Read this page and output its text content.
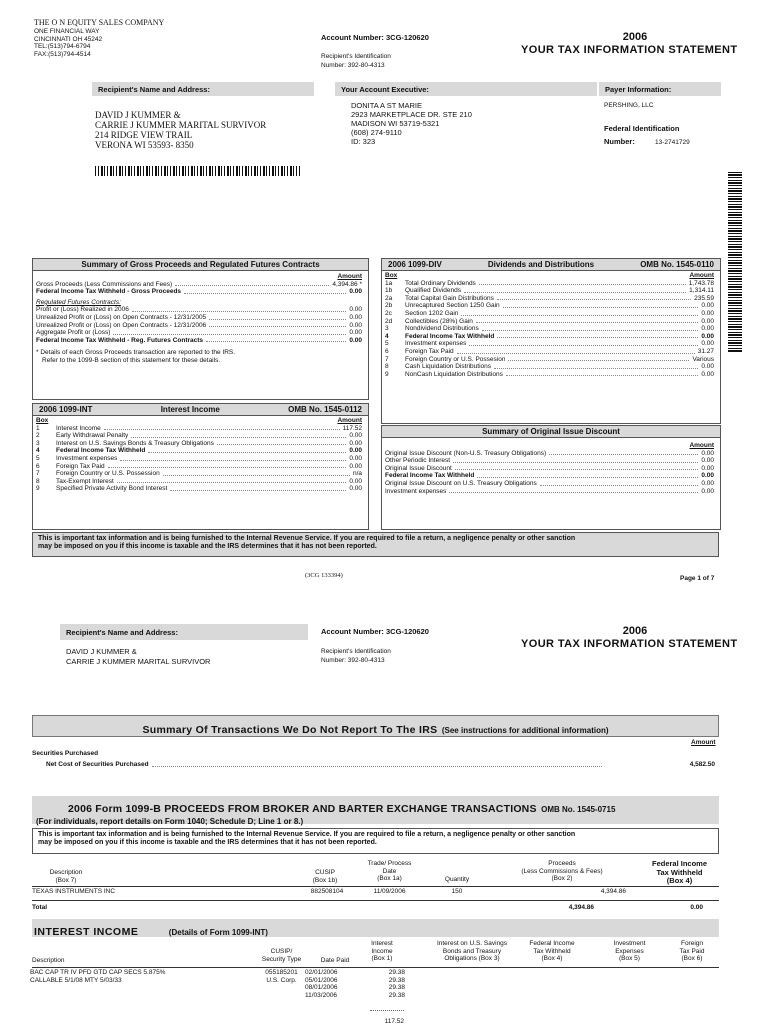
THE O N EQUITY SALES COMPANY
ONE FINANCIAL WAY
CINCINNATI OH 45242
TEL:(513)794-6794
FAX:(513)794-4514
Account Number: 3CG-120620
Recipient's Identification
Number: 392-80-4313
2006
YOUR TAX INFORMATION STATEMENT
Recipient's Name and Address:	Your Account Executive:	Payer Information:
DAVID J KUMMER &
CARRIE J KUMMER MARITAL SURVIVOR
214 RIDGE VIEW TRAIL
VERONA WI 53593- 8350
DONITA A ST MARIE
2923 MARKETPLACE DR. STE 210
MADISON WI 53719-5321
(608) 274-9110
ID: 323
PERSHING, LLC
Federal Identification
Number:	13-2741729
Summary of Gross Proceeds and Regulated Futures Contracts
Amount
Gross Proceeds (Less Commissions and Fees)	4,394.86 *
Federal Income Tax Withheld - Gross Proceeds	0.00
Regulated Futures Contracts:
Profit or (Loss) Realized in 2006	0.00
Unrealized Profit or (Loss) on Open Contracts - 12/31/2005	0.00
Unrealized Profit or (Loss) on Open Contracts - 12/31/2006	0.00
Aggregate Profit or (Loss)	0.00
Federal Income Tax Withheld - Reg. Futures Contracts	0.00
* Details of each Gross Proceeds transaction are reported to the IRS.
Refer to the 1099-B section of this statement for these details.
2006 1099-INT	Interest Income	OMB No. 1545-0112
Box	Amount
1	Interest Income	117.52
2	Early Withdrawal Penalty	0.00
3	Interest on U.S. Savings Bonds & Treasury Obligations	0.00
4	Federal Income Tax Withheld	0.00
5	Investment expenses	0.00
6	Foreign Tax Paid	0.00
7	Foreign Country or U.S. Possession	n/a
8	Tax-Exempt Interest	0.00
9	Specified Private Activity Bond Interest	0.00
2006 1099-DIV	Dividends and Distributions	OMB No. 1545-0110
Box	Amount
1a	Total Ordinary Dividends	1,743.78
1b	Qualified Dividends	1,314.11
2a	Total Capital Gain Distributions	235.59
2b	Unrecaptured Section 1250 Gain	0.00
2c	Section 1202 Gain	0.00
2d	Collectibles (28%) Gain	0.00
3	Nondividend Distributions	0.00
4	Federal Income Tax Withheld	0.00
5	Investment expenses	0.00
6	Foreign Tax Paid	31.27
7	Foreign Country or U.S. Possesion	Various
8	Cash Liquidation Distributions	0.00
9	NonCash Liquidation Distributions	0.00
Summary of Original Issue Discount
Amount
Original Issue Discount (Non-U.S. Treasury Obligations)	0.00
Other Periodic Interest	0.00
Original Issue Discount	0.00
Federal Income Tax Withheld	0.00
Original Issue Discount on U.S. Treasury Obligations	0.00
Investment expenses	0.00
This is important tax information and is being furnished to the Internal Revenue Service. If you are required to file a return, a negligence penalty or other sanction
may be imposed on you if this income is taxable and the IRS determines that it has not been reported.
(3CG 133394)	Page 1 of 7
Recipient's Name and Address:
DAVID J KUMMER &
CARRIE J KUMMER MARITAL SURVIVOR
Account Number: 3CG-120620
Recipient's Identification
Number: 392-80-4313
2006
YOUR TAX INFORMATION STATEMENT
Summary Of Transactions We Do Not Report To The IRS (See instructions for additional information)
Amount
Securities Purchased
Net Cost of Securities Purchased	4,582.50
2006 Form 1099-B PROCEEDS FROM BROKER AND BARTER EXCHANGE TRANSACTIONS OMB No. 1545-0715
(For individuals, report details on Form 1040; Schedule D; Line 1 or 8.)
This is important tax information and is being furnished to the Internal Revenue Service. If you are required to file a return, a negligence penalty or other sanction
may be imposed on you if this income is taxable and the IRS determines that it has not been reported.
Description
(Box 7)
CUSIP
(Box 1b)
Trade/ Process
Date
(Box 1a)	Quantity
Proceeds
(Less Commissions & Fees)
(Box 2)
Federal Income
Tax Withheld
(Box 4)
TEXAS INSTRUMENTS INC	882508104	11/09/2006	150	4,394.86
Total	4,394.86	0.00
INTEREST INCOME	(Details of Form 1099-INT)
Description
CUSIP/
Security Type	Date Paid
Interest
Income
(Box 1)
Interest on U.S. Savings
Bonds and Treasury
Obligations (Box 3)
Federal Income
Tax Withheld
(Box 4)
Investment
Expenses
(Box 5)
Foreign
Tax Paid
(Box 6)
BAC CAP TR IV PFD GTD CAP SECS 5.875%
CALLABLE 5/1/08 MTY 5/03/33
055185201
U.S. Corp.
02/01/2006	29.38
05/01/2006	29.38
08/01/2006	29.38
11/03/2006	29.38
117.52
